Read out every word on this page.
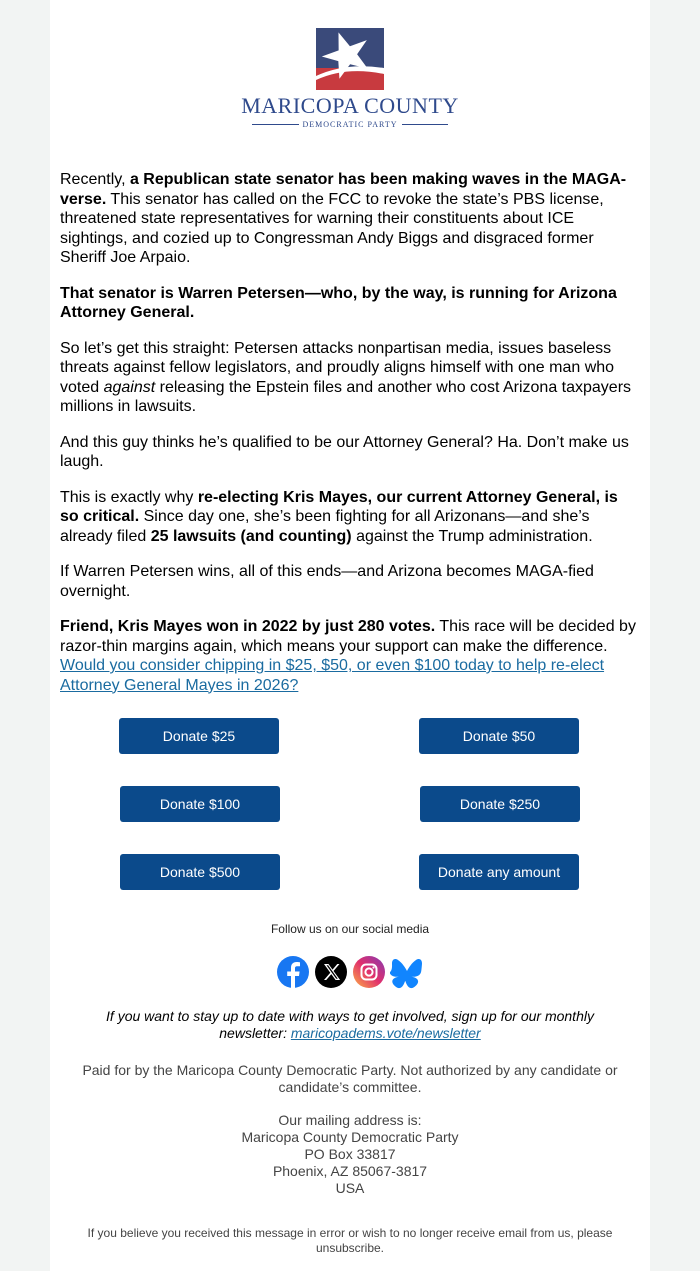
MARICOPA COUNTY
DEMOCRATIC PARTY

Recently, a Republican state senator has been making waves in the MAGA-verse. This senator has called on the FCC to revoke the state’s PBS license, threatened state representatives for warning their constituents about ICE sightings, and cozied up to Congressman Andy Biggs and disgraced former Sheriff Joe Arpaio.

That senator is Warren Petersen—who, by the way, is running for Arizona Attorney General.

So let’s get this straight: Petersen attacks nonpartisan media, issues baseless threats against fellow legislators, and proudly aligns himself with one man who voted against releasing the Epstein files and another who cost Arizona taxpayers millions in lawsuits.

And this guy thinks he’s qualified to be our Attorney General? Ha. Don’t make us laugh.

This is exactly why re-electing Kris Mayes, our current Attorney General, is so critical. Since day one, she’s been fighting for all Arizonans—and she’s already filed 25 lawsuits (and counting) against the Trump administration.

If Warren Petersen wins, all of this ends—and Arizona becomes MAGA-fied overnight.

Friend, Kris Mayes won in 2022 by just 280 votes. This race will be decided by razor-thin margins again, which means your support can make the difference. Would you consider chipping in $25, $50, or even $100 today to help re-elect Attorney General Mayes in 2026?

Donate $25	Donate $50
Donate $100	Donate $250
Donate $500	Donate any amount
Follow us on our social media
If you want to stay up to date with ways to get involved, sign up for our monthly newsletter: maricopadems.vote/newsletter
Paid for by the Maricopa County Democratic Party. Not authorized by any candidate or candidate’s committee.
Our mailing address is:
Maricopa County Democratic Party
PO Box 33817
Phoenix, AZ 85067-3817
USA
If you believe you received this message in error or wish to no longer receive email from us, please unsubscribe.
